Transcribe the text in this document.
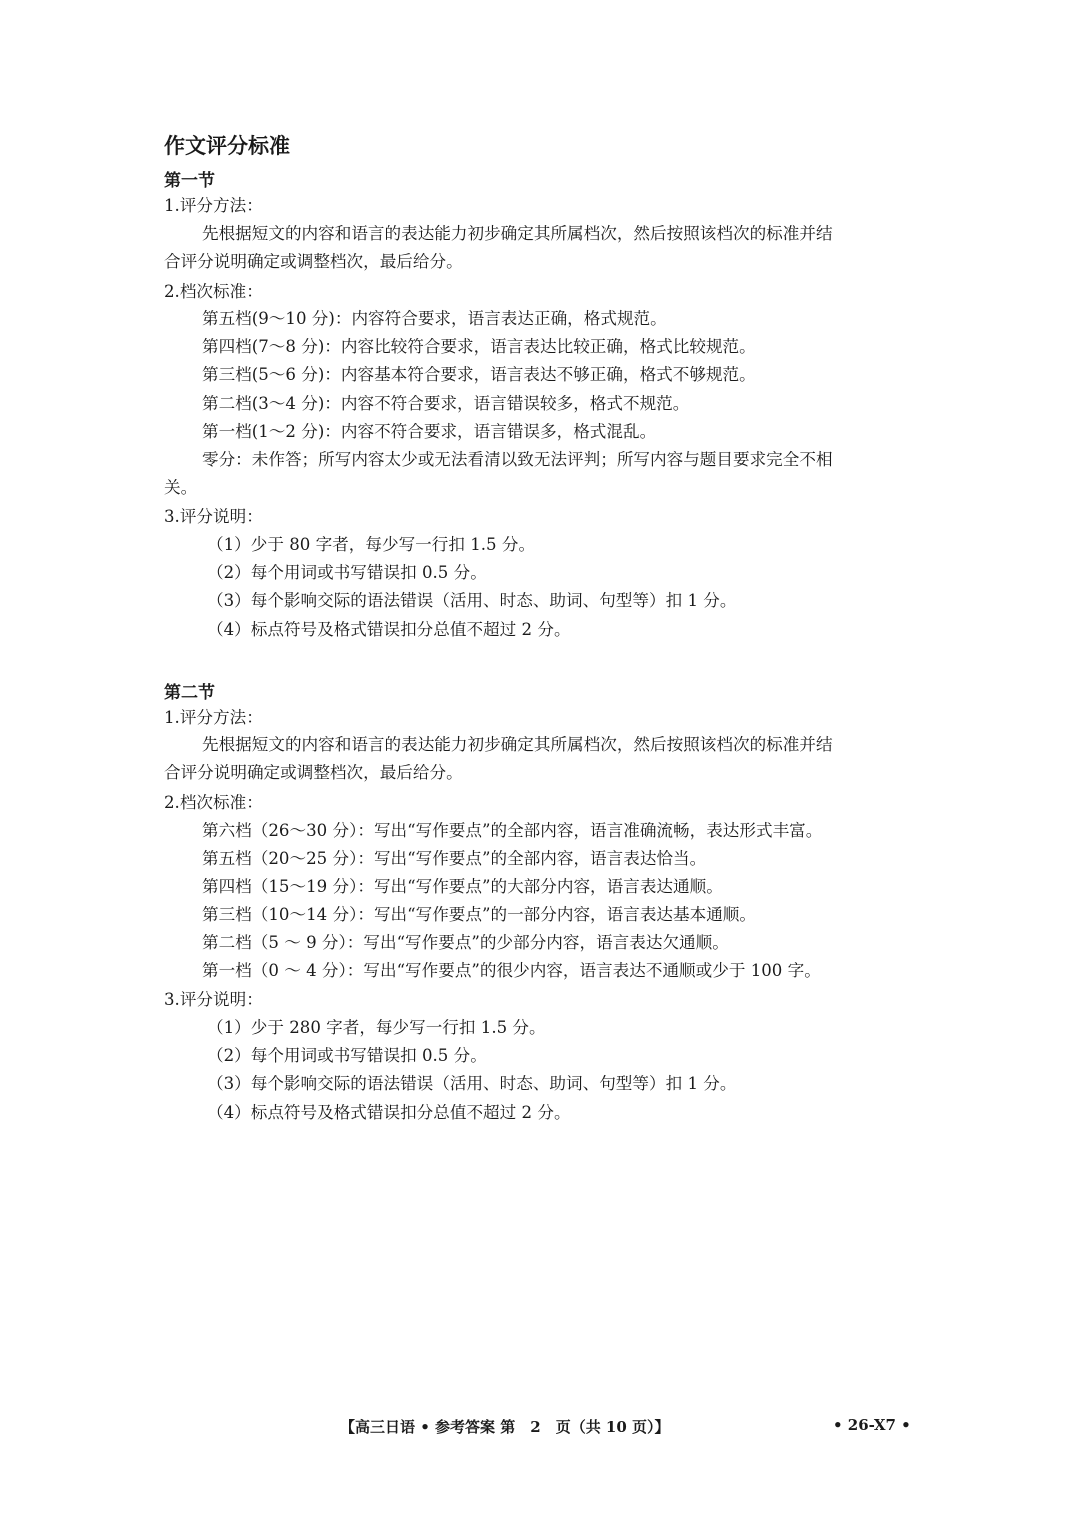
作文评分标准
第一节
1.评分方法：
先根据短文的内容和语言的表达能力初步确定其所属档次，然后按照该档次的标准并结
合评分说明确定或调整档次，最后给分。
2.档次标准：
第五档(9～10 分)：内容符合要求，语言表达正确，格式规范。
第四档(7～8 分)：内容比较符合要求，语言表达比较正确，格式比较规范。
第三档(5～6 分)：内容基本符合要求，语言表达不够正确，格式不够规范。
第二档(3～4 分)：内容不符合要求，语言错误较多，格式不规范。
第一档(1～2 分)：内容不符合要求，语言错误多，格式混乱。
零分：未作答；所写内容太少或无法看清以致无法评判；所写内容与题目要求完全不相
关。
3.评分说明：
（1）少于 80 字者，每少写一行扣 1.5 分。
（2）每个用词或书写错误扣 0.5 分。
（3）每个影响交际的语法错误（活用、时态、助词、句型等）扣 1 分。
（4）标点符号及格式错误扣分总值不超过 2 分。
第二节
1.评分方法：
先根据短文的内容和语言的表达能力初步确定其所属档次，然后按照该档次的标准并结
合评分说明确定或调整档次，最后给分。
2.档次标准：
第六档（26～30 分）：写出“写作要点”的全部内容，语言准确流畅，表达形式丰富。
第五档（20～25 分）：写出“写作要点”的全部内容，语言表达恰当。
第四档（15～19 分）：写出“写作要点”的大部分内容，语言表达通顺。
第三档（10～14 分）：写出“写作要点”的一部分内容，语言表达基本通顺。
第二档（5 ～ 9 分）：写出“写作要点”的少部分内容，语言表达欠通顺。
第一档（0 ～ 4 分）：写出“写作要点”的很少内容，语言表达不通顺或少于 100 字。
3.评分说明：
（1）少于 280 字者，每少写一行扣 1.5 分。
（2）每个用词或书写错误扣 0.5 分。
（3）每个影响交际的语法错误（活用、时态、助词、句型等）扣 1 分。
（4）标点符号及格式错误扣分总值不超过 2 分。
【高三日语 • 参考答案 第　2　页（共 10 页）】	• 26-X7 •
